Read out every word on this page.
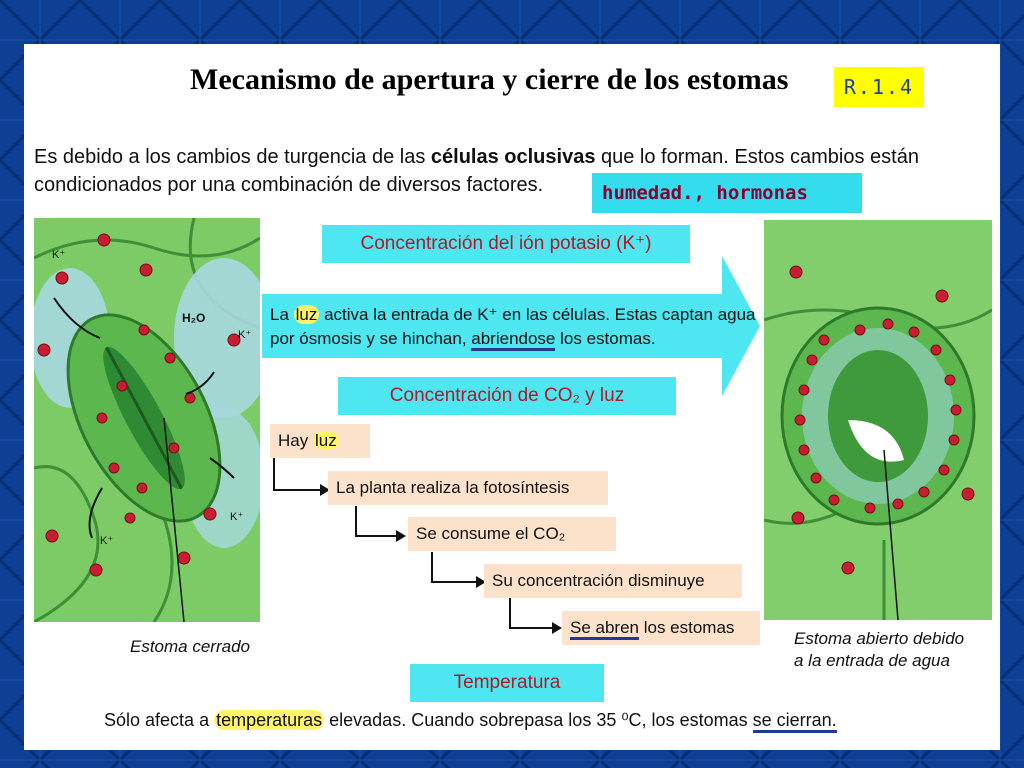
Mecanismo de apertura y cierre de los estomas	R.1.4
Es debido a los cambios de turgencia de las células oclusivas que lo forman. Estos cambios están condicionados por una combinación de diversos factores.	humedad., hormonas
K⁺
H₂O
K⁺
K⁺
K⁺
Estoma cerrado	Estoma abierto debido
a la entrada de agua
Concentración del ión potasio (K⁺)
La luz activa la entrada de K⁺ en las células. Estas captan agua por ósmosis y se hinchan, abriendose los estomas.
Concentración de CO₂ y luz
Hay luz
La planta realiza la fotosíntesis
Se consume el CO₂
Su concentración disminuye
Se abren los estomas
Temperatura
Sólo afecta a temperaturas elevadas. Cuando sobrepasa los 35 ⁰C, los estomas se cierran.
